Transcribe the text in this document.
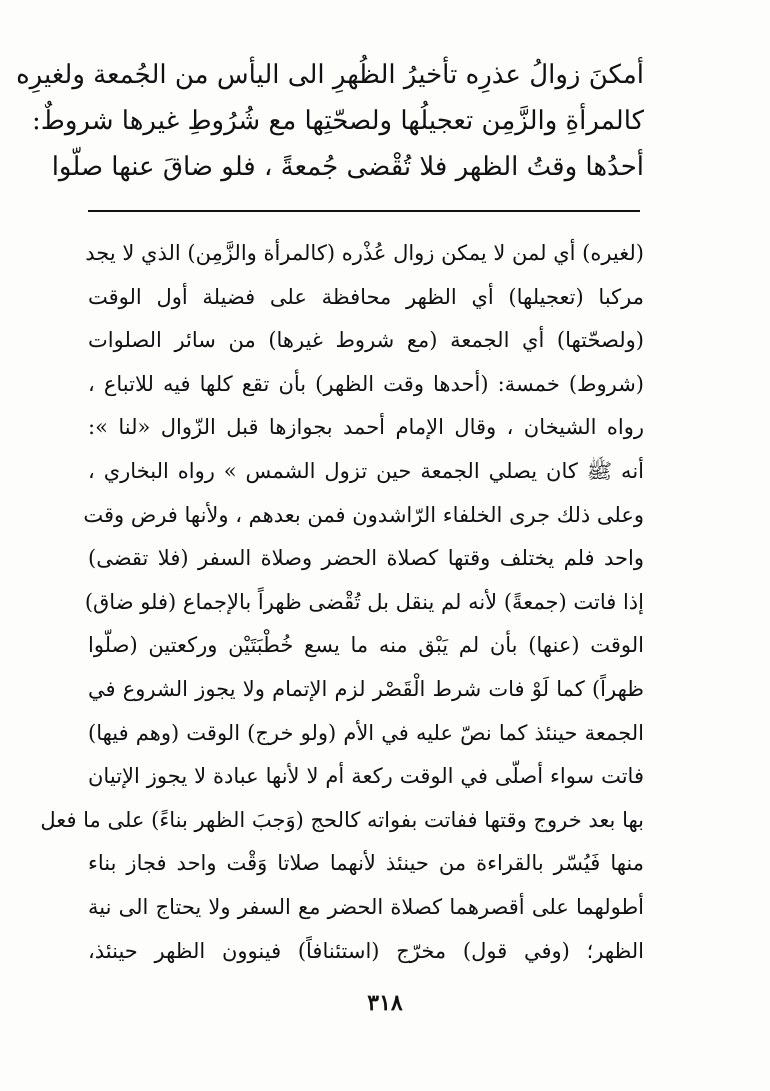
أمكنَ زوالُ عذرِه تأخيرُ الظُهرِ الى اليأس من الجُمعة ولغيرِه
كالمرأةِ والزَّمِن تعجيلُها ولصحّتِها مع شُرُوطِ غيرها شروطٌ:
أحدُها وقتُ الظهر فلا تُقْضى جُمعةً ، فلو ضاقَ عنها صلّوا
(لغيره) أي لمن لا يمكن زوال عُذْره (كالمرأة والزَّمِن) الذي لا يجد
مركبا (تعجيلها) أي الظهر محافظة على فضيلة أول الوقت
(ولصحّتها) أي الجمعة (مع شروط غيرها) من سائر الصلوات
(شروط) خمسة: (أحدها وقت الظهر) بأن تقع كلها فيه للاتباع ،
رواه الشيخان ، وقال الإمام أحمد بجوازها قبل الزّوال «لنا »:
أنه ﷺ كان يصلي الجمعة حين تزول الشمس » رواه البخاري ،
وعلى ذلك جرى الخلفاء الرّاشدون فمن بعدهم ، ولأنها فرض وقت
واحد فلم يختلف وقتها كصلاة الحضر وصلاة السفر (فلا تقضى)
إذا فاتت (جمعةً) لأنه لم ينقل بل تُقْضى ظهراً بالإجماع (فلو ضاق)
الوقت (عنها) بأن لم يَبْق منه ما يسع خُطْبَتَيْن وركعتين (صلّوا
ظهراً) كما لَوْ فات شرط الْقَصْر لزم الإتمام ولا يجوز الشروع في
الجمعة حينئذ كما نصّ عليه في الأم (ولو خرج) الوقت (وهم فيها)
فاتت سواء أصلّى في الوقت ركعة أم لا لأنها عبادة لا يجوز الإتيان
بها بعد خروج وقتها ففاتت بفواته كالحج (وَجبَ الظهر بناءً) على ما فعل
منها فَيُسّر بالقراءة من حينئذ لأنهما صلاتا وَقْت واحد فجاز بناء
أطولهما على أقصرهما كصلاة الحضر مع السفر ولا يحتاج الى نية
الظهر؛ (وفي قول) مخرّج (استئنافاً) فينوون الظهر حينئذ،
٣١٨
